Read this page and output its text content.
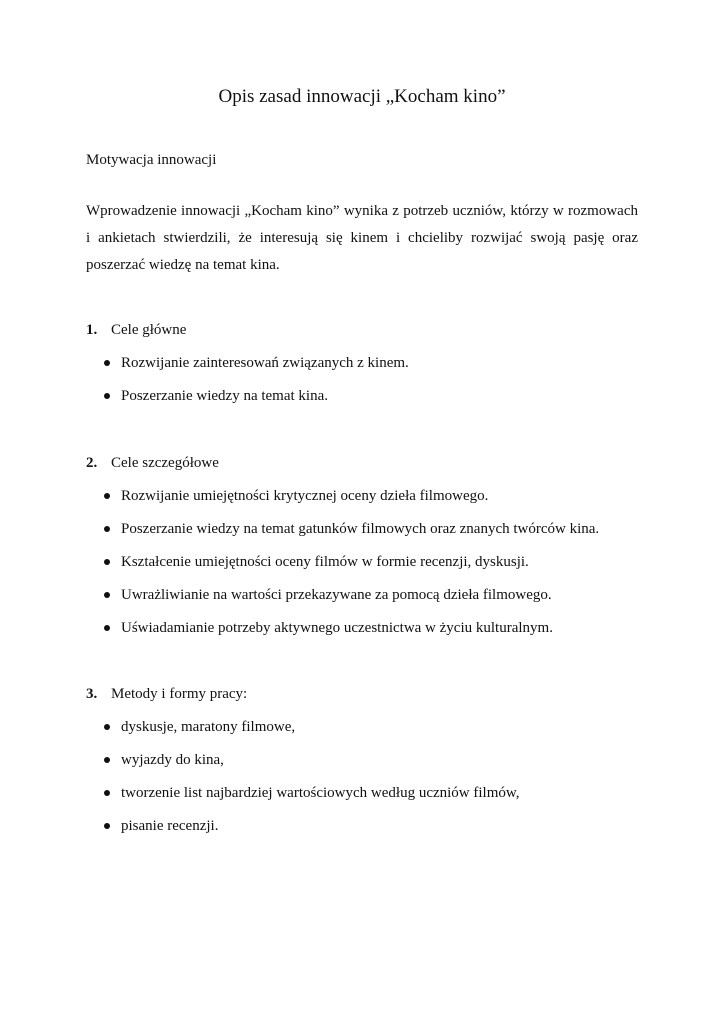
Opis zasad innowacji „Kocham kino”
Motywacja innowacji

Wprowadzenie innowacji „Kocham kino” wynika z potrzeb uczniów, którzy w rozmowach i ankietach stwierdzili, że interesują się kinem i chcieliby rozwijać swoją pasję oraz poszerzać wiedzę na temat kina.

1. Cele główne
Rozwijanie zainteresowań związanych z kinem.
Poszerzanie wiedzy na temat kina.
2. Cele szczegółowe
Rozwijanie umiejętności krytycznej oceny dzieła filmowego.
Poszerzanie wiedzy na temat gatunków filmowych oraz znanych twórców kina.
Kształcenie umiejętności oceny filmów w formie recenzji, dyskusji.
Uwrażliwianie na wartości przekazywane za pomocą dzieła filmowego.
Uświadamianie potrzeby aktywnego uczestnictwa w życiu kulturalnym.
3. Metody i formy pracy:
dyskusje, maratony filmowe,
wyjazdy do kina,
tworzenie list najbardziej wartościowych według uczniów filmów,
pisanie recenzji.
